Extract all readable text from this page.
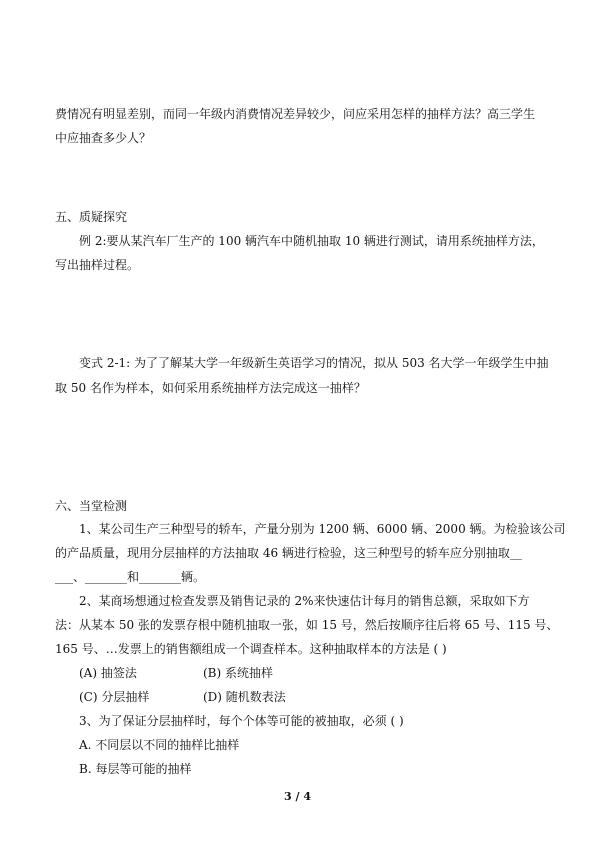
费情况有明显差别，而同一年级内消费情况差异较少，问应采用怎样的抽样方法？高三学生
中应抽查多少人？
五、质疑探究
例 2:要从某汽车厂生产的 100 辆汽车中随机抽取 10 辆进行测试，请用系统抽样方法，
写出抽样过程。
变式 2-1: 为了了解某大学一年级新生英语学习的情况，拟从 503 名大学一年级学生中抽
取 50 名作为样本，如何采用系统抽样方法完成这一抽样？
六、当堂检测
1、某公司生产三种型号的轿车，产量分别为 1200 辆、6000 辆、2000 辆。为检验该公司
的产品质量，现用分层抽样的方法抽取 46 辆进行检验，这三种型号的轿车应分别抽取__
___、_______和_______辆。
2、某商场想通过检查发票及销售记录的 2%来快速估计每月的销售总额，采取如下方
法：从某本 50 张的发票存根中随机抽取一张，如 15 号，然后按顺序往后将 65 号、115 号、
165 号、…发票上的销售额组成一个调查样本。这种抽取样本的方法是 ( )
(A) 抽签法	(B) 系统抽样
(C) 分层抽样	(D) 随机数表法
3、为了保证分层抽样时，每个个体等可能的被抽取，必须 ( )
A. 不同层以不同的抽样比抽样
B. 每层等可能的抽样
3 / 4
